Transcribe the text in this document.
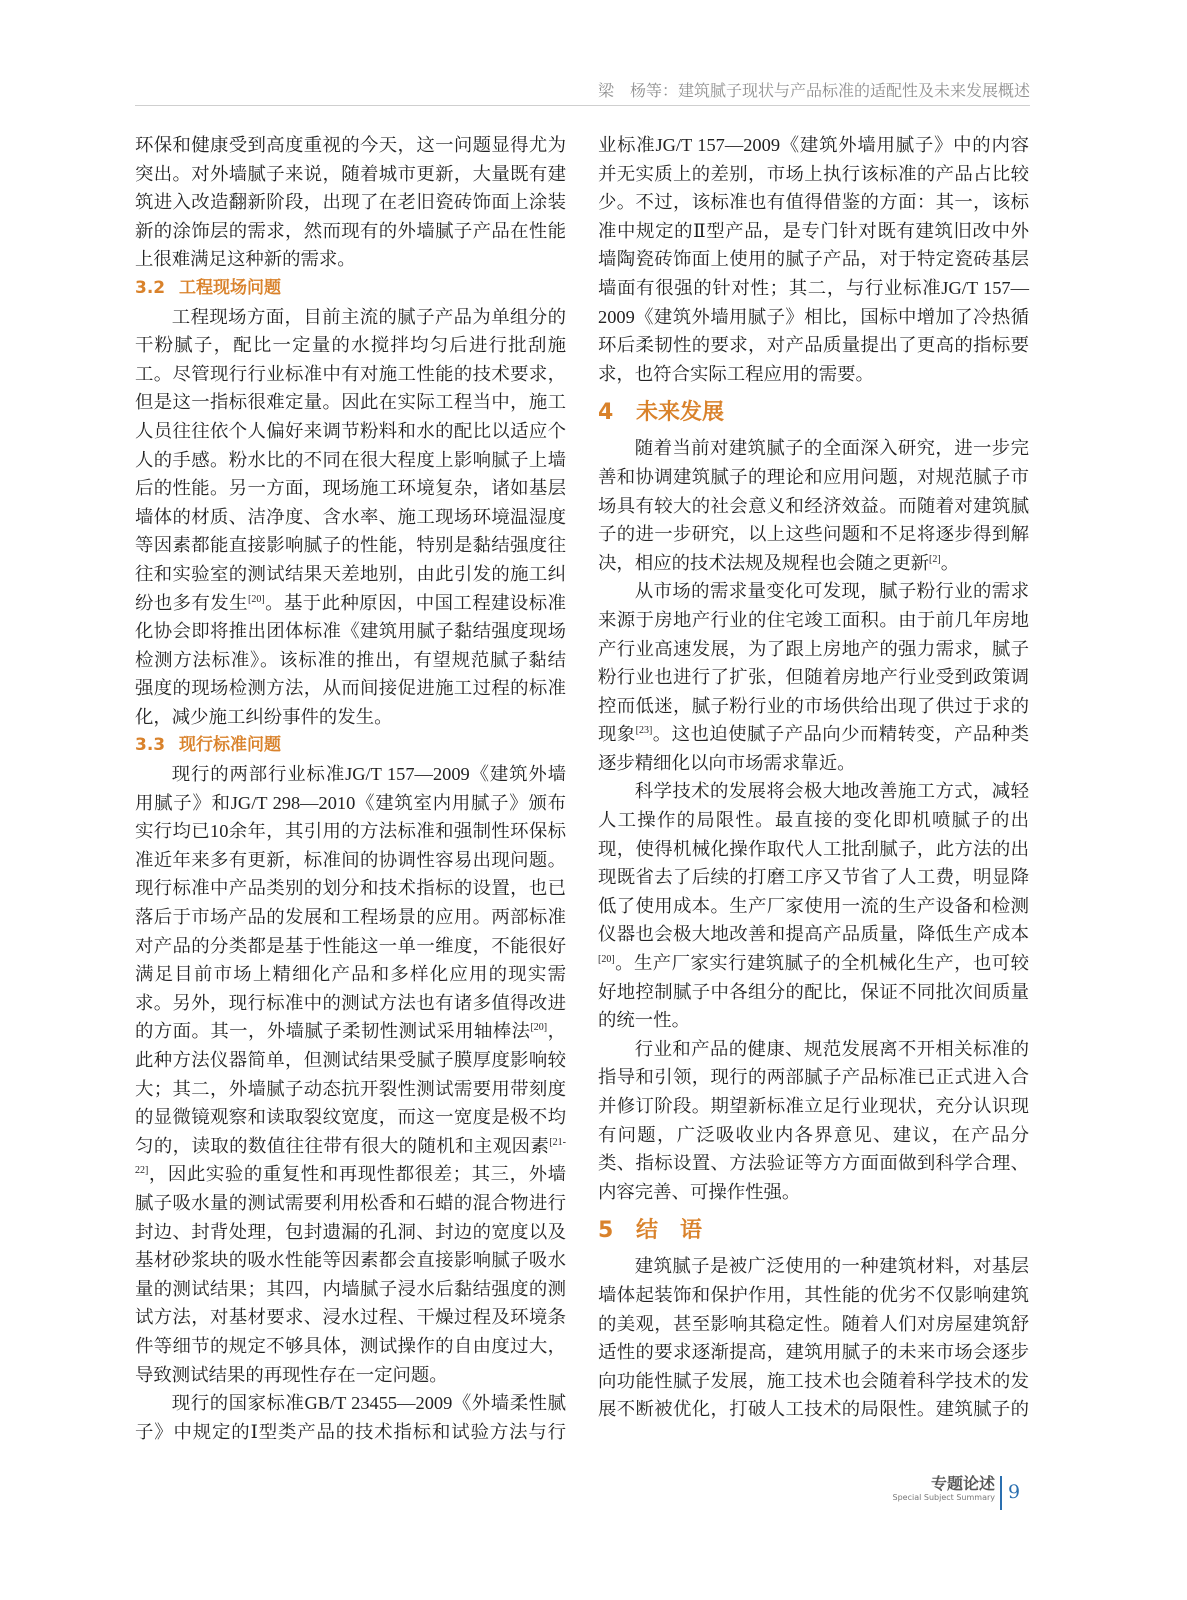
梁　杨等：建筑腻子现状与产品标准的适配性及未来发展概述

环保和健康受到高度重视的今天，这一问题显得尤为突出。对外墙腻子来说，随着城市更新，大量既有建筑进入改造翻新阶段，出现了在老旧瓷砖饰面上涂装新的涂饰层的需求，然而现有的外墙腻子产品在性能上很难满足这种新的需求。

3.2 工程现场问题

工程现场方面，目前主流的腻子产品为单组分的干粉腻子，配比一定量的水搅拌均匀后进行批刮施工。尽管现行行业标准中有对施工性能的技术要求，但是这一指标很难定量。因此在实际工程当中，施工人员往往依个人偏好来调节粉料和水的配比以适应个人的手感。粉水比的不同在很大程度上影响腻子上墙后的性能。另一方面，现场施工环境复杂，诸如基层墙体的材质、洁净度、含水率、施工现场环境温湿度等因素都能直接影响腻子的性能，特别是黏结强度往往和实验室的测试结果天差地别，由此引发的施工纠纷也多有发生[20]。基于此种原因，中国工程建设标准化协会即将推出团体标准《建筑用腻子黏结强度现场检测方法标准》。该标准的推出，有望规范腻子黏结强度的现场检测方法，从而间接促进施工过程的标准化，减少施工纠纷事件的发生。

3.3 现行标准问题

现行的两部行业标准JG/T 157—2009《建筑外墙用腻子》和JG/T 298—2010《建筑室内用腻子》颁布实行均已10余年，其引用的方法标准和强制性环保标准近年来多有更新，标准间的协调性容易出现问题。现行标准中产品类别的划分和技术指标的设置，也已落后于市场产品的发展和工程场景的应用。两部标准对产品的分类都是基于性能这一单一维度，不能很好满足目前市场上精细化产品和多样化应用的现实需求。另外，现行标准中的测试方法也有诸多值得改进的方面。其一，外墙腻子柔韧性测试采用轴棒法[20]，此种方法仪器简单，但测试结果受腻子膜厚度影响较大；其二，外墙腻子动态抗开裂性测试需要用带刻度的显微镜观察和读取裂纹宽度，而这一宽度是极不均匀的，读取的数值往往带有很大的随机和主观因素[21-22]，因此实验的重复性和再现性都很差；其三，外墙腻子吸水量的测试需要利用松香和石蜡的混合物进行封边、封背处理，包封遗漏的孔洞、封边的宽度以及基材砂浆块的吸水性能等因素都会直接影响腻子吸水量的测试结果；其四，内墙腻子浸水后黏结强度的测试方法，对基材要求、浸水过程、干燥过程及环境条件等细节的规定不够具体，测试操作的自由度过大，导致测试结果的再现性存在一定问题。

现行的国家标准GB/T 23455—2009《外墙柔性腻子》中规定的Ⅰ型类产品的技术指标和试验方法与行

业标准JG/T 157—2009《建筑外墙用腻子》中的内容并无实质上的差别，市场上执行该标准的产品占比较少。不过，该标准也有值得借鉴的方面：其一，该标准中规定的Ⅱ型产品，是专门针对既有建筑旧改中外墙陶瓷砖饰面上使用的腻子产品，对于特定瓷砖基层墙面有很强的针对性；其二，与行业标准JG/T 157—2009《建筑外墙用腻子》相比，国标中增加了冷热循环后柔韧性的要求，对产品质量提出了更高的指标要求，也符合实际工程应用的需要。

4 未来发展

随着当前对建筑腻子的全面深入研究，进一步完善和协调建筑腻子的理论和应用问题，对规范腻子市场具有较大的社会意义和经济效益。而随着对建筑腻子的进一步研究，以上这些问题和不足将逐步得到解决，相应的技术法规及规程也会随之更新[2]。

从市场的需求量变化可发现，腻子粉行业的需求来源于房地产行业的住宅竣工面积。由于前几年房地产行业高速发展，为了跟上房地产的强力需求，腻子粉行业也进行了扩张，但随着房地产行业受到政策调控而低迷，腻子粉行业的市场供给出现了供过于求的现象[23]。这也迫使腻子产品向少而精转变，产品种类逐步精细化以向市场需求靠近。

科学技术的发展将会极大地改善施工方式，减轻人工操作的局限性。最直接的变化即机喷腻子的出现，使得机械化操作取代人工批刮腻子，此方法的出现既省去了后续的打磨工序又节省了人工费，明显降低了使用成本。生产厂家使用一流的生产设备和检测仪器也会极大地改善和提高产品质量，降低生产成本[20]。生产厂家实行建筑腻子的全机械化生产，也可较好地控制腻子中各组分的配比，保证不同批次间质量的统一性。

行业和产品的健康、规范发展离不开相关标准的指导和引领，现行的两部腻子产品标准已正式进入合并修订阶段。期望新标准立足行业现状，充分认识现有问题，广泛吸收业内各界意见、建议，在产品分类、指标设置、方法验证等方方面面做到科学合理、内容完善、可操作性强。

5 结　语

建筑腻子是被广泛使用的一种建筑材料，对基层墙体起装饰和保护作用，其性能的优劣不仅影响建筑的美观，甚至影响其稳定性。随着人们对房屋建筑舒适性的要求逐渐提高，建筑用腻子的未来市场会逐步向功能性腻子发展，施工技术也会随着科学技术的发展不断被优化，打破人工技术的局限性。建筑腻子的

专题论述
Special Subject Summary 9
